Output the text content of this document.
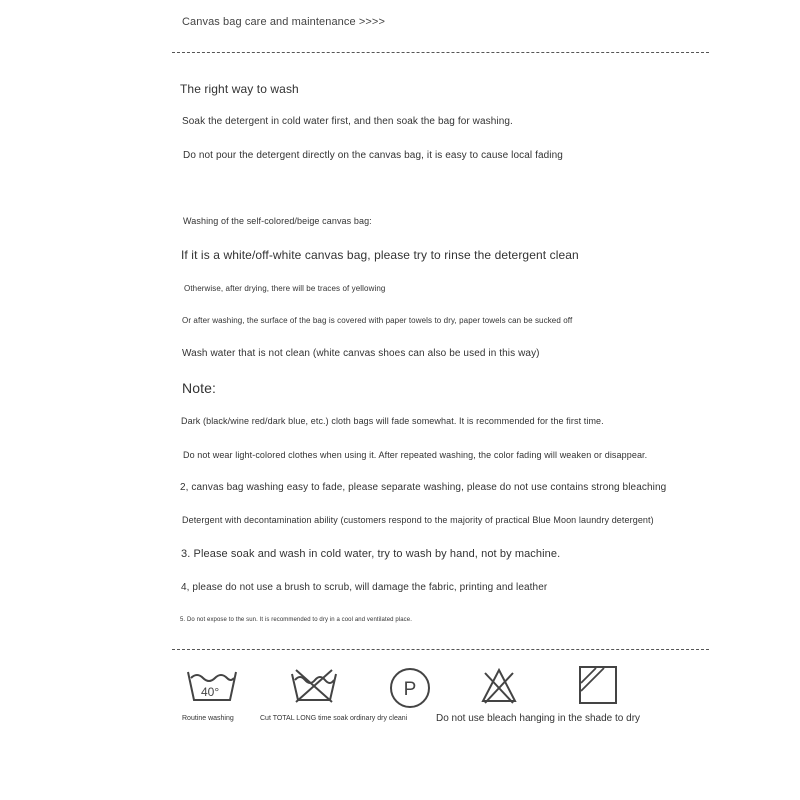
Canvas bag care and maintenance >>>>
The right way to wash
Soak the detergent in cold water first, and then soak the bag for washing.
Do not pour the detergent directly on the canvas bag, it is easy to cause local fading
Washing of the self-colored/beige canvas bag:
If it is a white/off-white canvas bag, please try to rinse the detergent clean
Otherwise, after drying, there will be traces of yellowing
Or after washing, the surface of the bag is covered with paper towels to dry, paper towels can be sucked off
Wash water that is not clean (white canvas shoes can also be used in this way)
Note:
Dark (black/wine red/dark blue, etc.) cloth bags will fade somewhat. It is recommended for the first time.
Do not wear light-colored clothes when using it. After repeated washing, the color fading will weaken or disappear.
2, canvas bag washing easy to fade, please separate washing, please do not use contains strong bleaching
Detergent with decontamination ability (customers respond to the majority of practical Blue Moon laundry detergent)
3. Please soak and wash in cold water, try to wash by hand, not by machine.
4, please do not use a brush to scrub, will damage the fabric, printing and leather
5. Do not expose to the sun. It is recommended to dry in a cool and ventilated place.
40°	P
Routine washing	Cut TOTAL LONG time soak ordinary dry cleani	Do not use bleach hanging in the shade to dry
